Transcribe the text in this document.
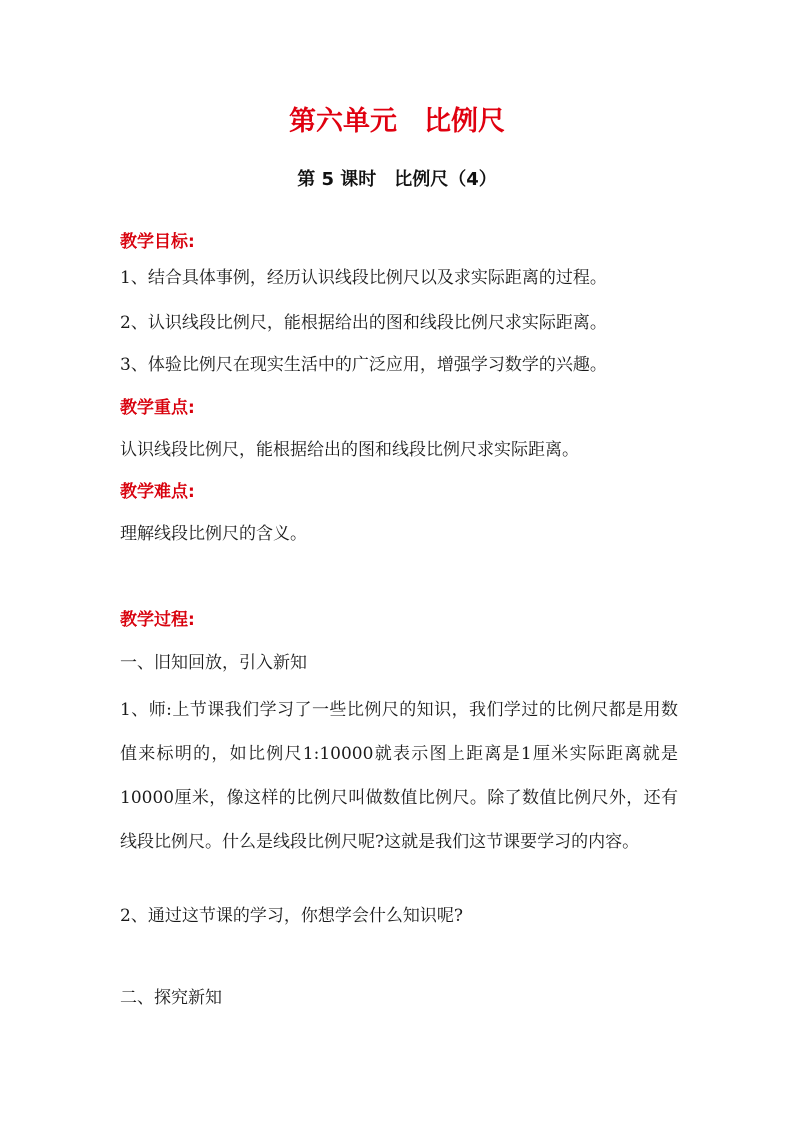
第六单元　比例尺
第 5 课时　比例尺（4）
教学目标:
1、结合具体事例，经历认识线段比例尺以及求实际距离的过程。
2、认识线段比例尺，能根据给出的图和线段比例尺求实际距离。
3、体验比例尺在现实生活中的广泛应用，增强学习数学的兴趣。
教学重点:
认识线段比例尺，能根据给出的图和线段比例尺求实际距离。
教学难点:
理解线段比例尺的含义。
教学过程:
一、旧知回放，引入新知
1、师:上节课我们学习了一些比例尺的知识，我们学过的比例尺都是用数值来标明的，如比例尺1:10000就表示图上距离是1厘米实际距离就是10000厘米，像这样的比例尺叫做数值比例尺。除了数值比例尺外，还有线段比例尺。什么是线段比例尺呢?这就是我们这节课要学习的内容。
2、通过这节课的学习，你想学会什么知识呢?
二、探究新知
